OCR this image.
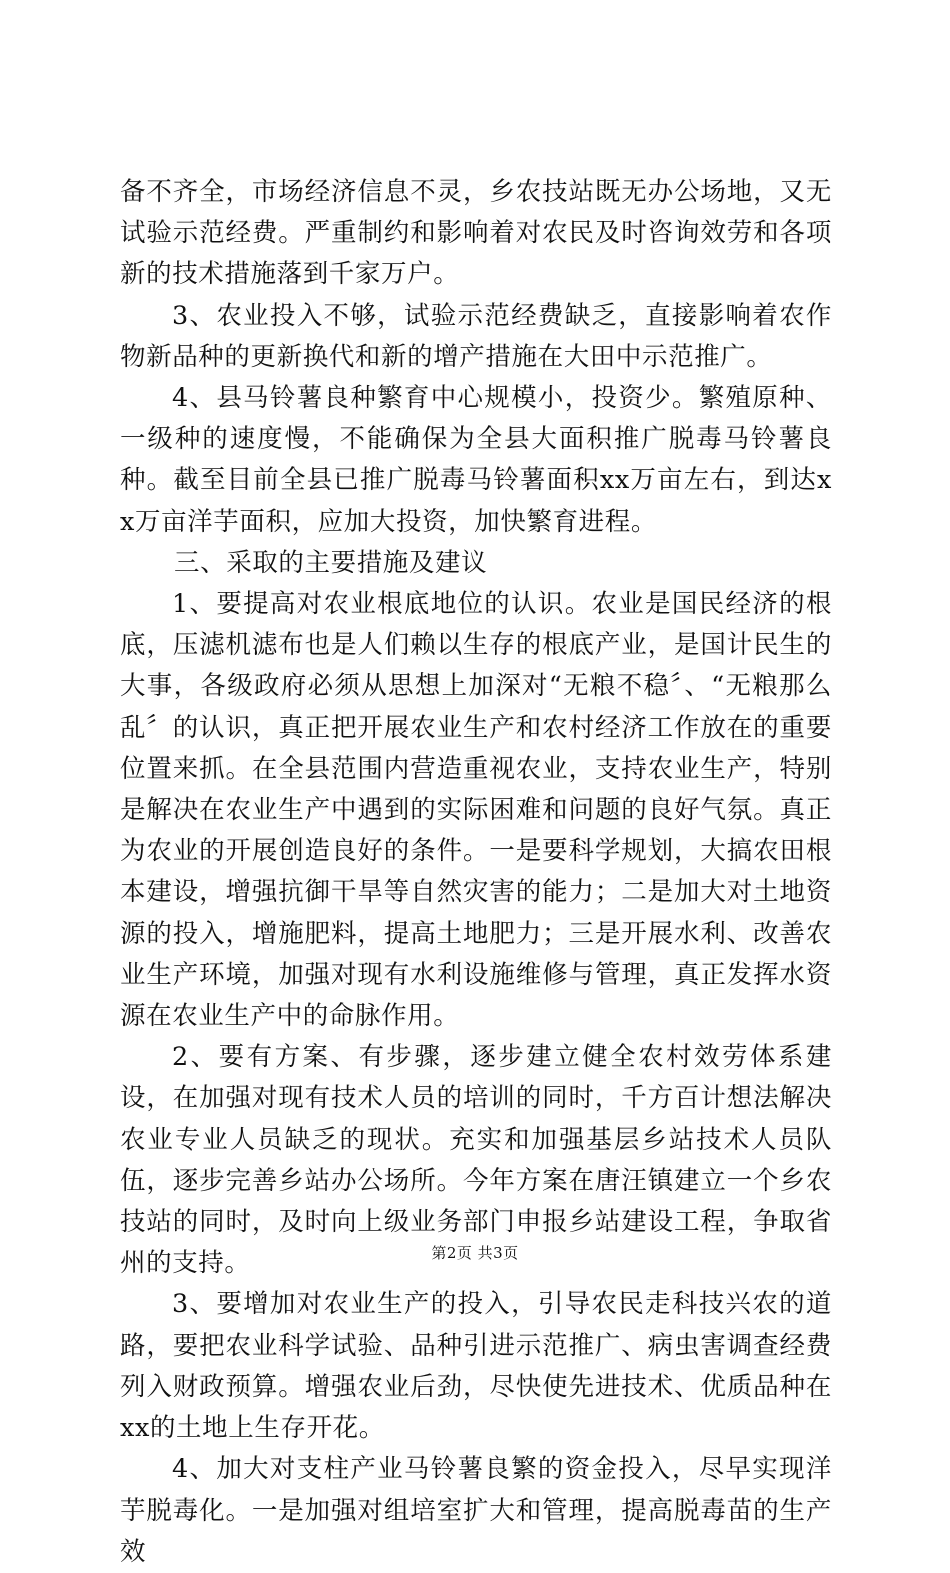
备不齐全，市场经济信息不灵，乡农技站既无办公场地，又无试验示范经费。严重制约和影响着对农民及时咨询效劳和各项新的技术措施落到千家万户。

3、农业投入不够，试验示范经费缺乏，直接影响着农作物新品种的更新换代和新的增产措施在大田中示范推广。

4、县马铃薯良种繁育中心规模小，投资少。繁殖原种、一级种的速度慢，不能确保为全县大面积推广脱毒马铃薯良种。截至目前全县已推广脱毒马铃薯面积xx万亩左右，到达xx万亩洋芋面积，应加大投资，加快繁育进程。

三、采取的主要措施及建议

1、要提高对农业根底地位的认识。农业是国民经济的根底，压滤机滤布也是人们赖以生存的根底产业，是国计民生的大事，各级政府必须从思想上加深对“无粮不稳〞、“无粮那么乱〞的认识，真正把开展农业生产和农村经济工作放在的重要位置来抓。在全县范围内营造重视农业，支持农业生产，特别是解决在农业生产中遇到的实际困难和问题的良好气氛。真正为农业的开展创造良好的条件。一是要科学规划，大搞农田根本建设，增强抗御干旱等自然灾害的能力；二是加大对土地资源的投入，增施肥料，提高土地肥力；三是开展水利、改善农业生产环境，加强对现有水利设施维修与管理，真正发挥水资源在农业生产中的命脉作用。

2、要有方案、有步骤，逐步建立健全农村效劳体系建设，在加强对现有技术人员的培训的同时，千方百计想法解决农业专业人员缺乏的现状。充实和加强基层乡站技术人员队伍，逐步完善乡站办公场所。今年方案在唐汪镇建立一个乡农技站的同时，及时向上级业务部门申报乡站建设工程，争取省州的支持。

3、要增加对农业生产的投入，引导农民走科技兴农的道路，要把农业科学试验、品种引进示范推广、病虫害调查经费列入财政预算。增强农业后劲，尽快使先进技术、优质品种在xx的土地上生存开花。

4、加大对支柱产业马铃薯良繁的资金投入，尽早实现洋芋脱毒化。一是加强对组培室扩大和管理，提高脱毒苗的生产效

第2页 共3页
